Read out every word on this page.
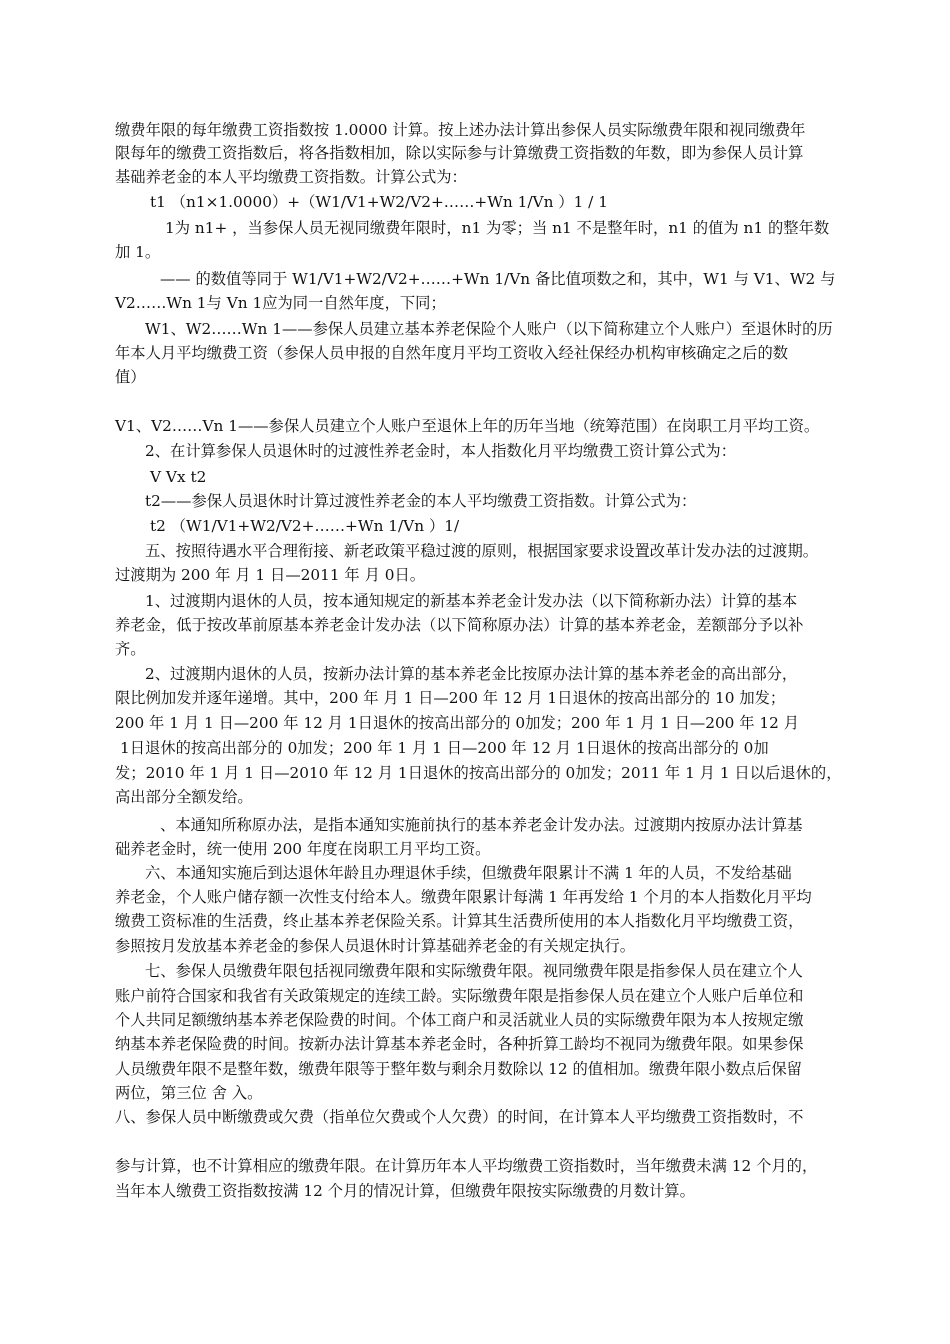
缴费年限的每年缴费工资指数按 1.0000 计算。按上述办法计算出参保人员实际缴费年限和视同缴费年
限每年的缴费工资指数后，将各指数相加，除以实际参与计算缴费工资指数的年数，即为参保人员计算
基础养老金的本人平均缴费工资指数。计算公式为：
t1 （n1×1.0000）+（W1/V1+W2/V2+……+Wn 1/Vn ）1 / 1
1为 n1+ ，当参保人员无视同缴费年限时，n1 为零；当 n1 不是整年时，n1 的值为 n1 的整年数
加 1。
—— 的数值等同于 W1/V1+W2/V2+……+Wn 1/Vn 备比值项数之和，其中，W1 与 V1、W2 与
V2……Wn 1与 Vn 1应为同一自然年度，下同；
W1、W2……Wn 1——参保人员建立基本养老保险个人账户（以下简称建立个人账户）至退休时的历
年本人月平均缴费工资（参保人员申报的自然年度月平均工资收入经社保经办机构审核确定之后的数
值）
V1、V2……Vn 1——参保人员建立个人账户至退休上年的历年当地（统筹范围）在岗职工月平均工资。
2、在计算参保人员退休时的过渡性养老金时，本人指数化月平均缴费工资计算公式为：
V Vx t2
t2——参保人员退休时计算过渡性养老金的本人平均缴费工资指数。计算公式为：
t2 （W1/V1+W2/V2+……+Wn 1/Vn ）1/
五、按照待遇水平合理衔接、新老政策平稳过渡的原则，根据国家要求设置改革计发办法的过渡期。
过渡期为 200 年 月 1 日—2011 年 月 0日。
1、过渡期内退休的人员，按本通知规定的新基本养老金计发办法（以下简称新办法）计算的基本
养老金，低于按改革前原基本养老金计发办法（以下简称原办法）计算的基本养老金，差额部分予以补
齐。
2、过渡期内退休的人员，按新办法计算的基本养老金比按原办法计算的基本养老金的高出部分，
限比例加发并逐年递增。其中，200 年 月 1 日—200 年 12 月 1日退休的按高出部分的 10 加发；
200 年 1 月 1 日—200 年 12 月 1日退休的按高出部分的 0加发；200 年 1 月 1 日—200 年 12 月
1日退休的按高出部分的 0加发；200 年 1 月 1 日—200 年 12 月 1日退休的按高出部分的 0加
发；2010 年 1 月 1 日—2010 年 12 月 1日退休的按高出部分的 0加发；2011 年 1 月 1 日以后退休的，
高出部分全额发给。
、本通知所称原办法，是指本通知实施前执行的基本养老金计发办法。过渡期内按原办法计算基
础养老金时，统一使用 200 年度在岗职工月平均工资。
六、本通知实施后到达退休年龄且办理退休手续，但缴费年限累计不满 1 年的人员，不发给基础
养老金，个人账户储存额一次性支付给本人。缴费年限累计每满 1 年再发给 1 个月的本人指数化月平均
缴费工资标准的生活费，终止基本养老保险关系。计算其生活费所使用的本人指数化月平均缴费工资，
参照按月发放基本养老金的参保人员退休时计算基础养老金的有关规定执行。
七、参保人员缴费年限包括视同缴费年限和实际缴费年限。视同缴费年限是指参保人员在建立个人
账户前符合国家和我省有关政策规定的连续工龄。实际缴费年限是指参保人员在建立个人账户后单位和
个人共同足额缴纳基本养老保险费的时间。个体工商户和灵活就业人员的实际缴费年限为本人按规定缴
纳基本养老保险费的时间。按新办法计算基本养老金时，各种折算工龄均不视同为缴费年限。如果参保
人员缴费年限不是整年数，缴费年限等于整年数与剩余月数除以 12 的值相加。缴费年限小数点后保留
两位，第三位 舍 入。
八、参保人员中断缴费或欠费（指单位欠费或个人欠费）的时间，在计算本人平均缴费工资指数时，不
参与计算，也不计算相应的缴费年限。在计算历年本人平均缴费工资指数时，当年缴费未满 12 个月的，
当年本人缴费工资指数按满 12 个月的情况计算，但缴费年限按实际缴费的月数计算。
